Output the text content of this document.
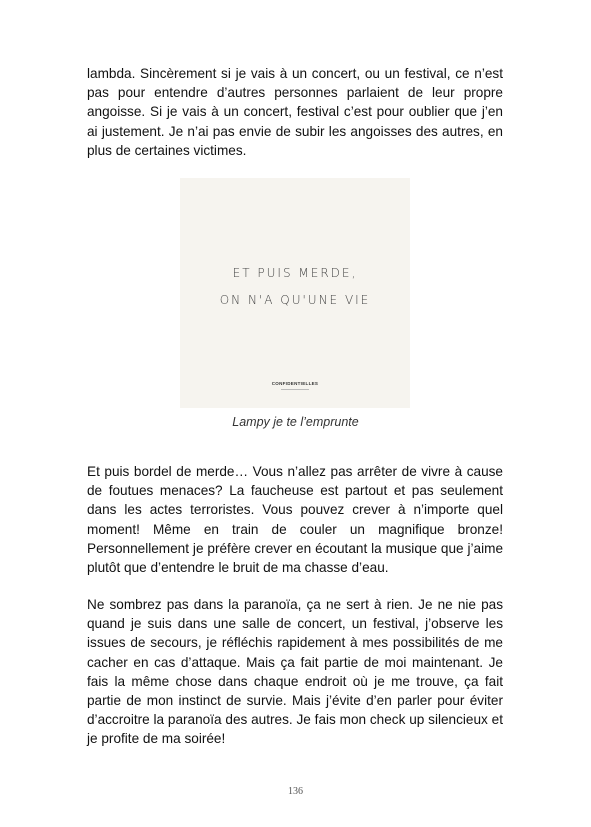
lambda. Sincèrement si je vais à un concert, ou un festival, ce n’est pas pour entendre d’autres personnes parlaient de leur propre angoisse. Si je vais à un concert, festival c’est pour oublier que j’en ai justement. Je n’ai pas envie de subir les angoisses des autres, en plus de certaines victimes.

ET PUIS MERDE,
ON N'A QU'UNE VIE
CONFIDENTIELLES
Lampy je te l’emprunte

Et puis bordel de merde… Vous n’allez pas arrêter de vivre à cause de foutues menaces? La faucheuse est partout et pas seulement dans les actes terroristes. Vous pouvez crever à n’importe quel moment! Même en train de couler un magnifique bronze! Personnellement je préfère crever en écoutant la musique que j’aime plutôt que d’entendre le bruit de ma chasse d’eau.

Ne sombrez pas dans la paranoïa, ça ne sert à rien. Je ne nie pas quand je suis dans une salle de concert, un festival, j’observe les issues de secours, je réfléchis rapidement à mes possibilités de me cacher en cas d’attaque. Mais ça fait partie de moi maintenant. Je fais la même chose dans chaque endroit où je me trouve, ça fait partie de mon instinct de survie. Mais j’évite d’en parler pour éviter d’accroitre la paranoïa des autres. Je fais mon check up silencieux et je profite de ma soirée!

136
